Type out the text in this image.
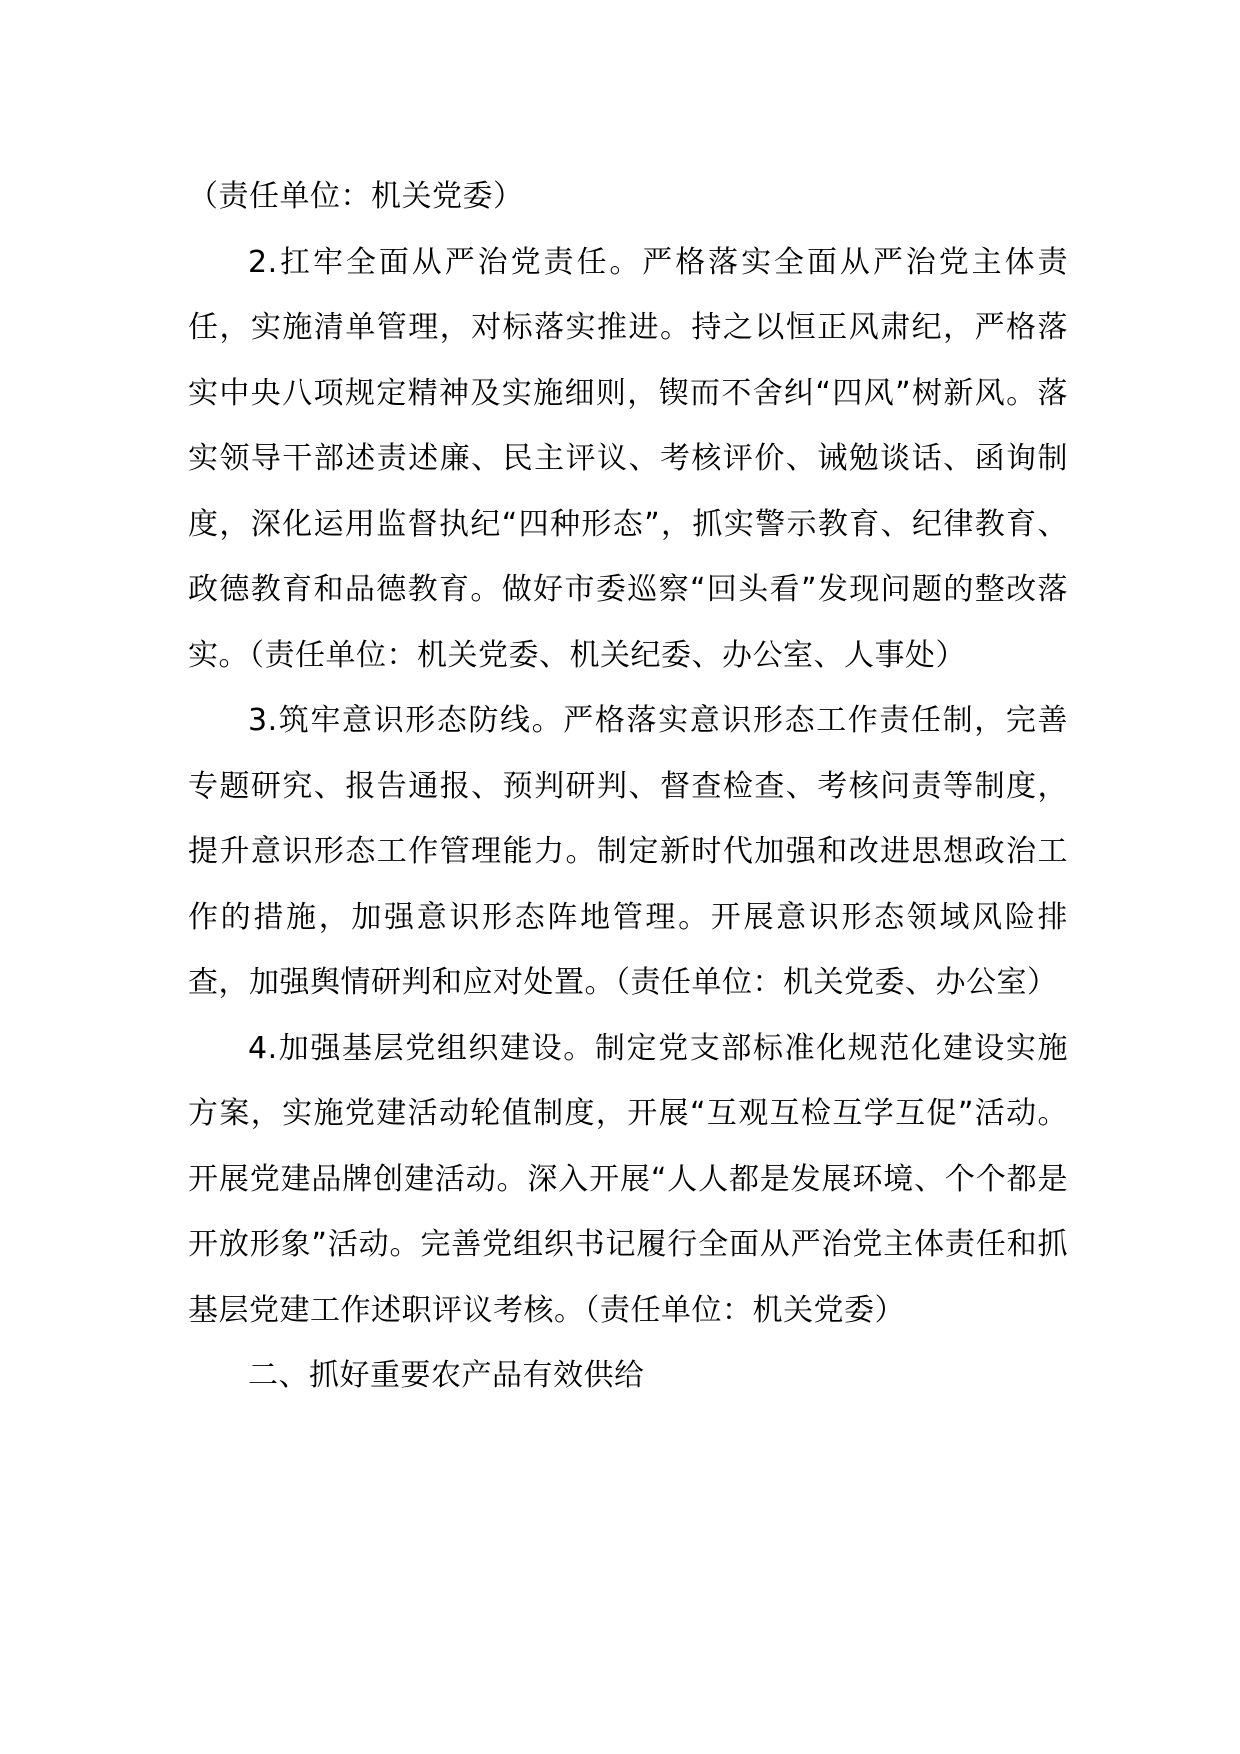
（责任单位：机关党委）

2.扛牢全面从严治党责任。严格落实全面从严治党主体责任，实施清单管理，对标落实推进。持之以恒正风肃纪，严格落实中央八项规定精神及实施细则，锲而不舍纠“四风”树新风。落实领导干部述责述廉、民主评议、考核评价、诫勉谈话、函询制度，深化运用监督执纪“四种形态”，抓实警示教育、纪律教育、政德教育和品德教育。做好市委巡察“回头看”发现问题的整改落实。（责任单位：机关党委、机关纪委、办公室、人事处）

3.筑牢意识形态防线。严格落实意识形态工作责任制，完善专题研究、报告通报、预判研判、督查检查、考核问责等制度，提升意识形态工作管理能力。制定新时代加强和改进思想政治工作的措施，加强意识形态阵地管理。开展意识形态领域风险排查，加强舆情研判和应对处置。（责任单位：机关党委、办公室）

4.加强基层党组织建设。制定党支部标准化规范化建设实施方案，实施党建活动轮值制度，开展“互观互检互学互促”活动。开展党建品牌创建活动。深入开展“人人都是发展环境、个个都是开放形象”活动。完善党组织书记履行全面从严治党主体责任和抓基层党建工作述职评议考核。（责任单位：机关党委）

二、抓好重要农产品有效供给
